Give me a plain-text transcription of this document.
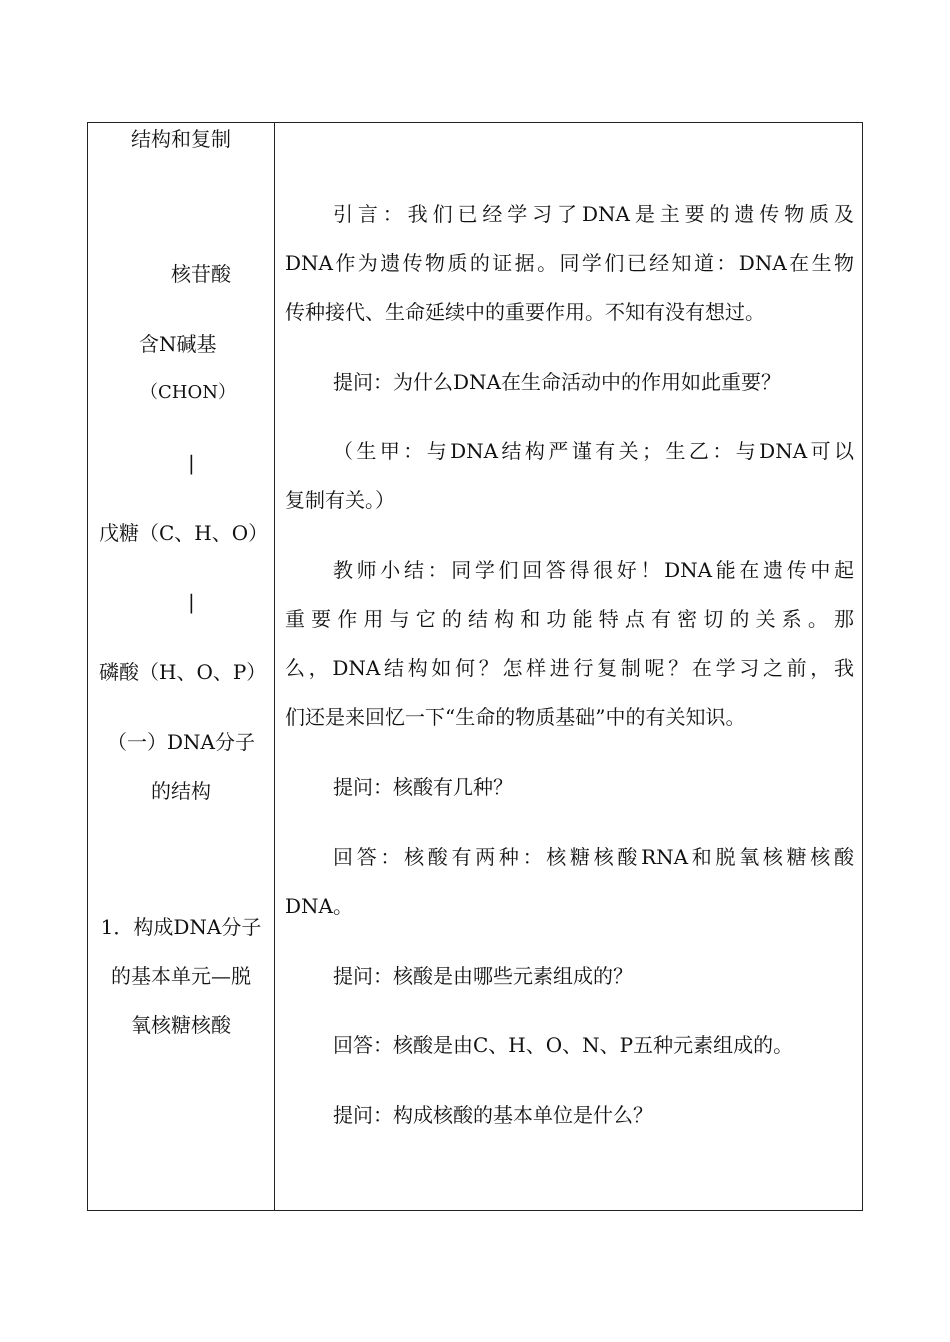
结构和复制
核苷酸
含N碱基
（CHON）
|
戊糖（C、H、O）
|
磷酸（H、O、P）
（一）DNA分子
的结构
1．构成DNA分子
的基本单元—脱
氧核糖核酸
引言：我们已经学习了DNA是主要的遗传物质及
DNA作为遗传物质的证据。同学们已经知道：DNA在生物
传种接代、生命延续中的重要作用。不知有没有想过。
提问：为什么DNA在生命活动中的作用如此重要？
（生甲：与DNA结构严谨有关；生乙：与DNA可以
复制有关。）
教师小结：同学们回答得很好！DNA能在遗传中起
重要作用与它的结构和功能特点有密切的关系。那
么，DNA结构如何？怎样进行复制呢？在学习之前，我
们还是来回忆一下“生命的物质基础”中的有关知识。
提问：核酸有几种？
回答：核酸有两种：核糖核酸RNA和脱氧核糖核酸
DNA。
提问：核酸是由哪些元素组成的？
回答：核酸是由C、H、O、N、P五种元素组成的。
提问：构成核酸的基本单位是什么？
